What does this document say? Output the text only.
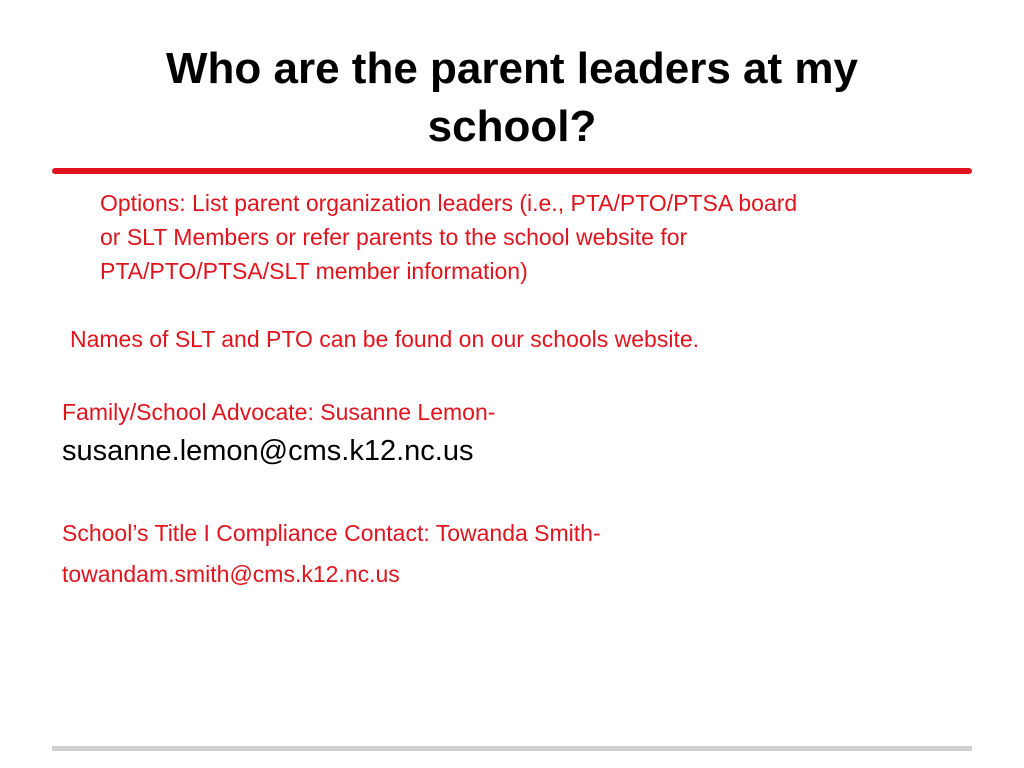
Who are the parent leaders at my school?

Options: List parent organization leaders (i.e., PTA/PTO/PTSA board
or SLT Members or refer parents to the school website for
PTA/PTO/PTSA/SLT member information)

Names of SLT and PTO can be found on our schools website.

Family/School Advocate: Susanne Lemon-

susanne.lemon@cms.k12.nc.us

School’s Title I Compliance Contact: Towanda Smith-

towandam.smith@cms.k12.nc.us
